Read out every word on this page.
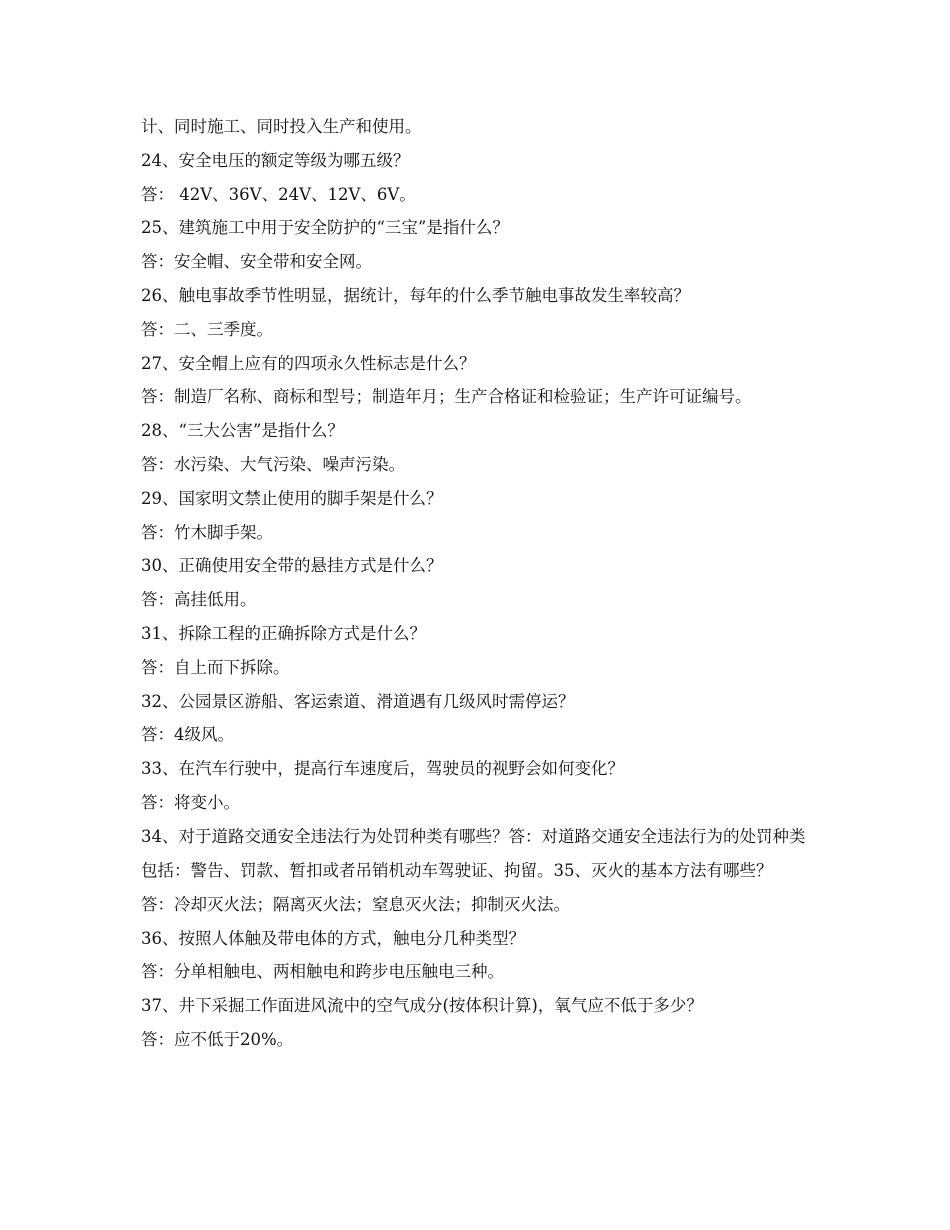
计、同时施工、同时投入生产和使用。

24、安全电压的额定等级为哪五级？

答： 42V、36V、24V、12V、6V。

25、建筑施工中用于安全防护的“三宝”是指什么？

答：安全帽、安全带和安全网。

26、触电事故季节性明显，据统计，每年的什么季节触电事故发生率较高？

答：二、三季度。

27、安全帽上应有的四项永久性标志是什么？

答：制造厂名称、商标和型号；制造年月；生产合格证和检验证；生产许可证编号。

28、“三大公害”是指什么？

答：水污染、大气污染、噪声污染。

29、国家明文禁止使用的脚手架是什么？

答：竹木脚手架。

30、正确使用安全带的悬挂方式是什么？

答：高挂低用。

31、拆除工程的正确拆除方式是什么？

答：自上而下拆除。

32、公园景区游船、客运索道、滑道遇有几级风时需停运？

答：4级风。

33、在汽车行驶中，提高行车速度后，驾驶员的视野会如何变化？

答：将变小。

34、对于道路交通安全违法行为处罚种类有哪些？答：对道路交通安全违法行为的处罚种类包括：警告、罚款、暂扣或者吊销机动车驾驶证、拘留。35、灭火的基本方法有哪些？

答：冷却灭火法；隔离灭火法；窒息灭火法；抑制灭火法。

36、按照人体触及带电体的方式，触电分几种类型？

答：分单相触电、两相触电和跨步电压触电三种。

37、井下采掘工作面进风流中的空气成分(按体积计算)，氧气应不低于多少？

答：应不低于20%。
